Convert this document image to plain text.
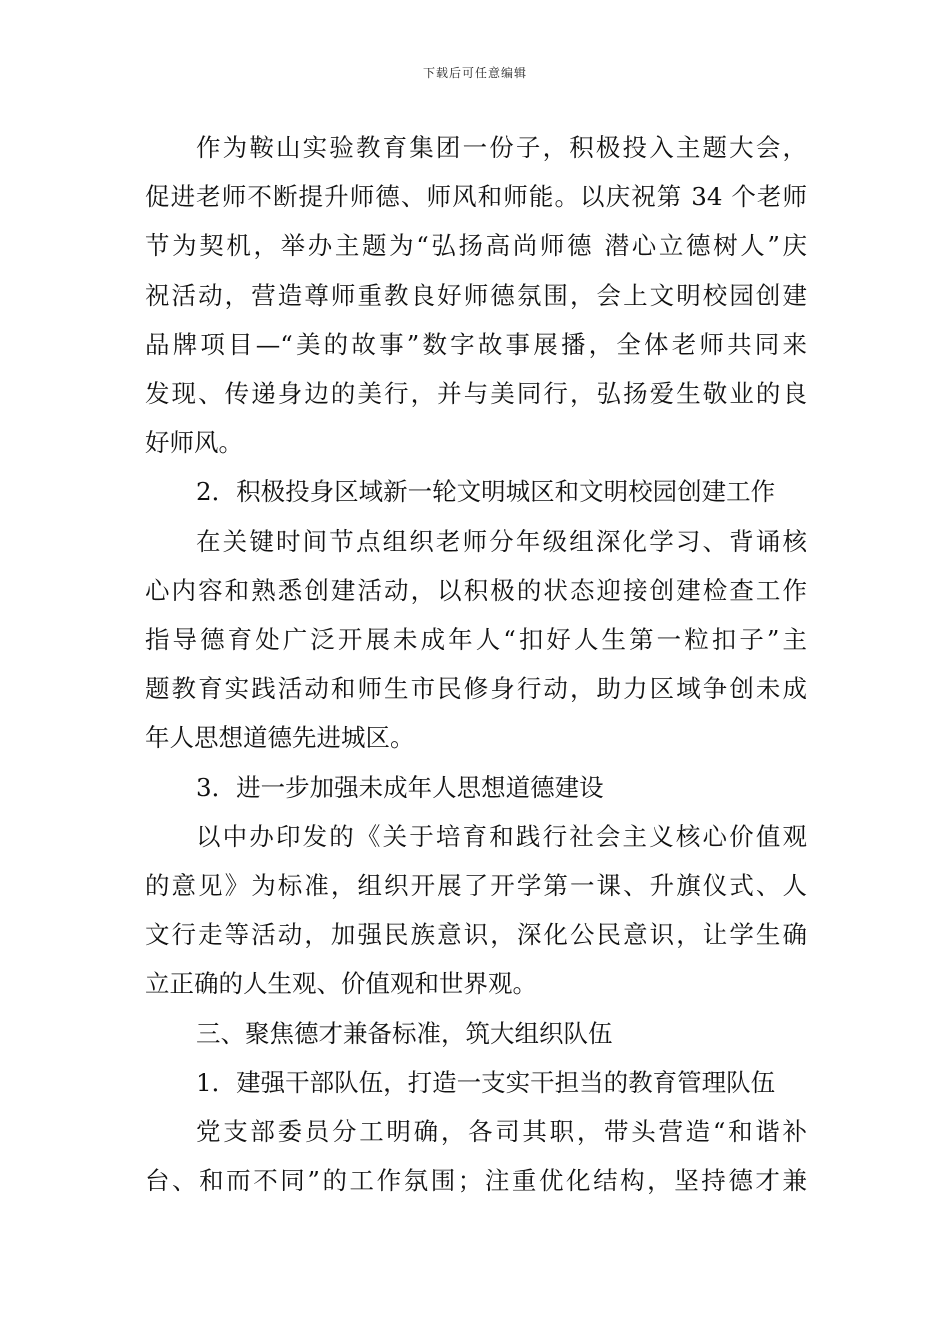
下载后可任意编辑

作为鞍山实验教育集团一份子，积极投入主题大会，
促进老师不断提升师德、师风和师能。以庆祝第 34 个老师
节为契机，举办主题为“弘扬高尚师德 潜心立德树人”庆
祝活动，营造尊师重教良好师德氛围，会上文明校园创建
品牌项目—“美的故事”数字故事展播，全体老师共同来
发现、传递身边的美行，并与美同行，弘扬爱生敬业的良
好师风。

2．积极投身区域新一轮文明城区和文明校园创建工作

在关键时间节点组织老师分年级组深化学习、背诵核
心内容和熟悉创建活动，以积极的状态迎接创建检查工作
指导德育处广泛开展未成年人“扣好人生第一粒扣子”主
题教育实践活动和师生市民修身行动，助力区域争创未成
年人思想道德先进城区。

3．进一步加强未成年人思想道德建设

以中办印发的《关于培育和践行社会主义核心价值观
的意见》为标准，组织开展了开学第一课、升旗仪式、人
文行走等活动，加强民族意识，深化公民意识，让学生确
立正确的人生观、价值观和世界观。

三、聚焦德才兼备标准，筑大组织队伍

1．建强干部队伍，打造一支实干担当的教育管理队伍

党支部委员分工明确，各司其职，带头营造“和谐补
台、和而不同”的工作氛围；注重优化结构，坚持德才兼
